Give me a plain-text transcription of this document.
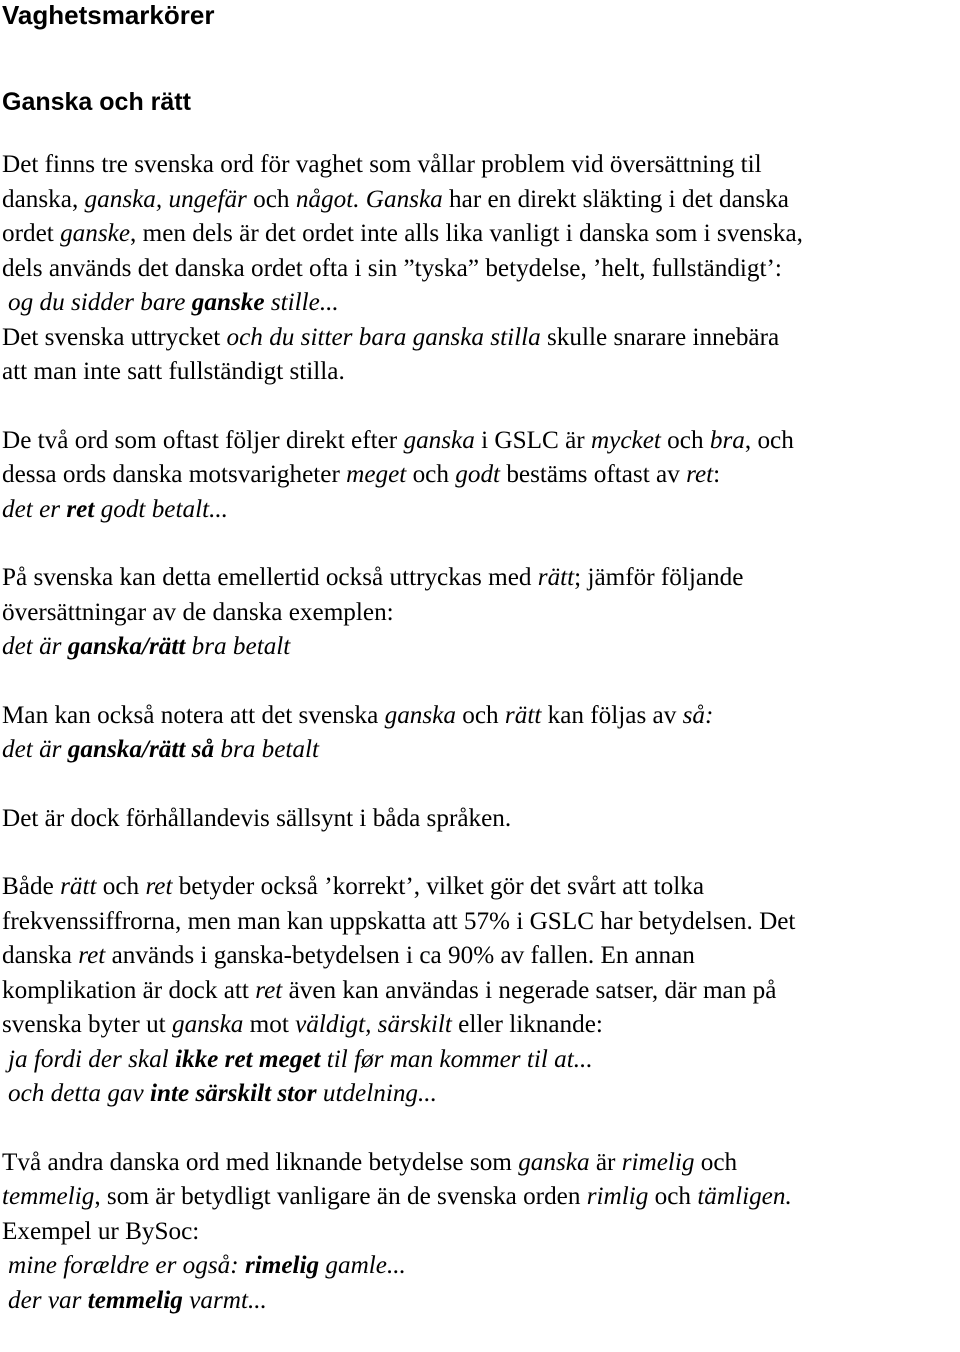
Vaghetsmarkörer
Ganska och rätt
Det finns tre svenska ord för vaghet som vållar problem vid översättning til
danska, ganska, ungefär och något. Ganska har en direkt släkting i det danska
ordet ganske, men dels är det ordet inte alls lika vanligt i danska som i svenska,
dels används det danska ordet ofta i sin ”tyska” betydelse, ’helt, fullständigt’:
og du sidder bare ganske stille...
Det svenska uttrycket och du sitter bara ganska stilla skulle snarare innebära
att man inte satt fullständigt stilla.
De två ord som oftast följer direkt efter ganska i GSLC är mycket och bra, och
dessa ords danska motsvarigheter meget och godt bestäms oftast av ret:
det er ret godt betalt...
På svenska kan detta emellertid också uttryckas med rätt; jämför följande
översättningar av de danska exemplen:
det är ganska/rätt bra betalt
Man kan också notera att det svenska ganska och rätt kan följas av så:
det är ganska/rätt så bra betalt
Det är dock förhållandevis sällsynt i båda språken.
Både rätt och ret betyder också ’korrekt’, vilket gör det svårt att tolka
frekvenssiffrorna, men man kan uppskatta att 57% i GSLC har betydelsen. Det
danska ret används i ganska-betydelsen i ca 90% av fallen. En annan
komplikation är dock att ret även kan användas i negerade satser, där man på
svenska byter ut ganska mot väldigt, särskilt eller liknande:
ja fordi der skal ikke ret meget til før man kommer til at...
och detta gav inte särskilt stor utdelning...
Två andra danska ord med liknande betydelse som ganska är rimelig och
temmelig, som är betydligt vanligare än de svenska orden rimlig och tämligen.
Exempel ur BySoc:
mine forældre er også: rimelig gamle...
der var temmelig varmt...
